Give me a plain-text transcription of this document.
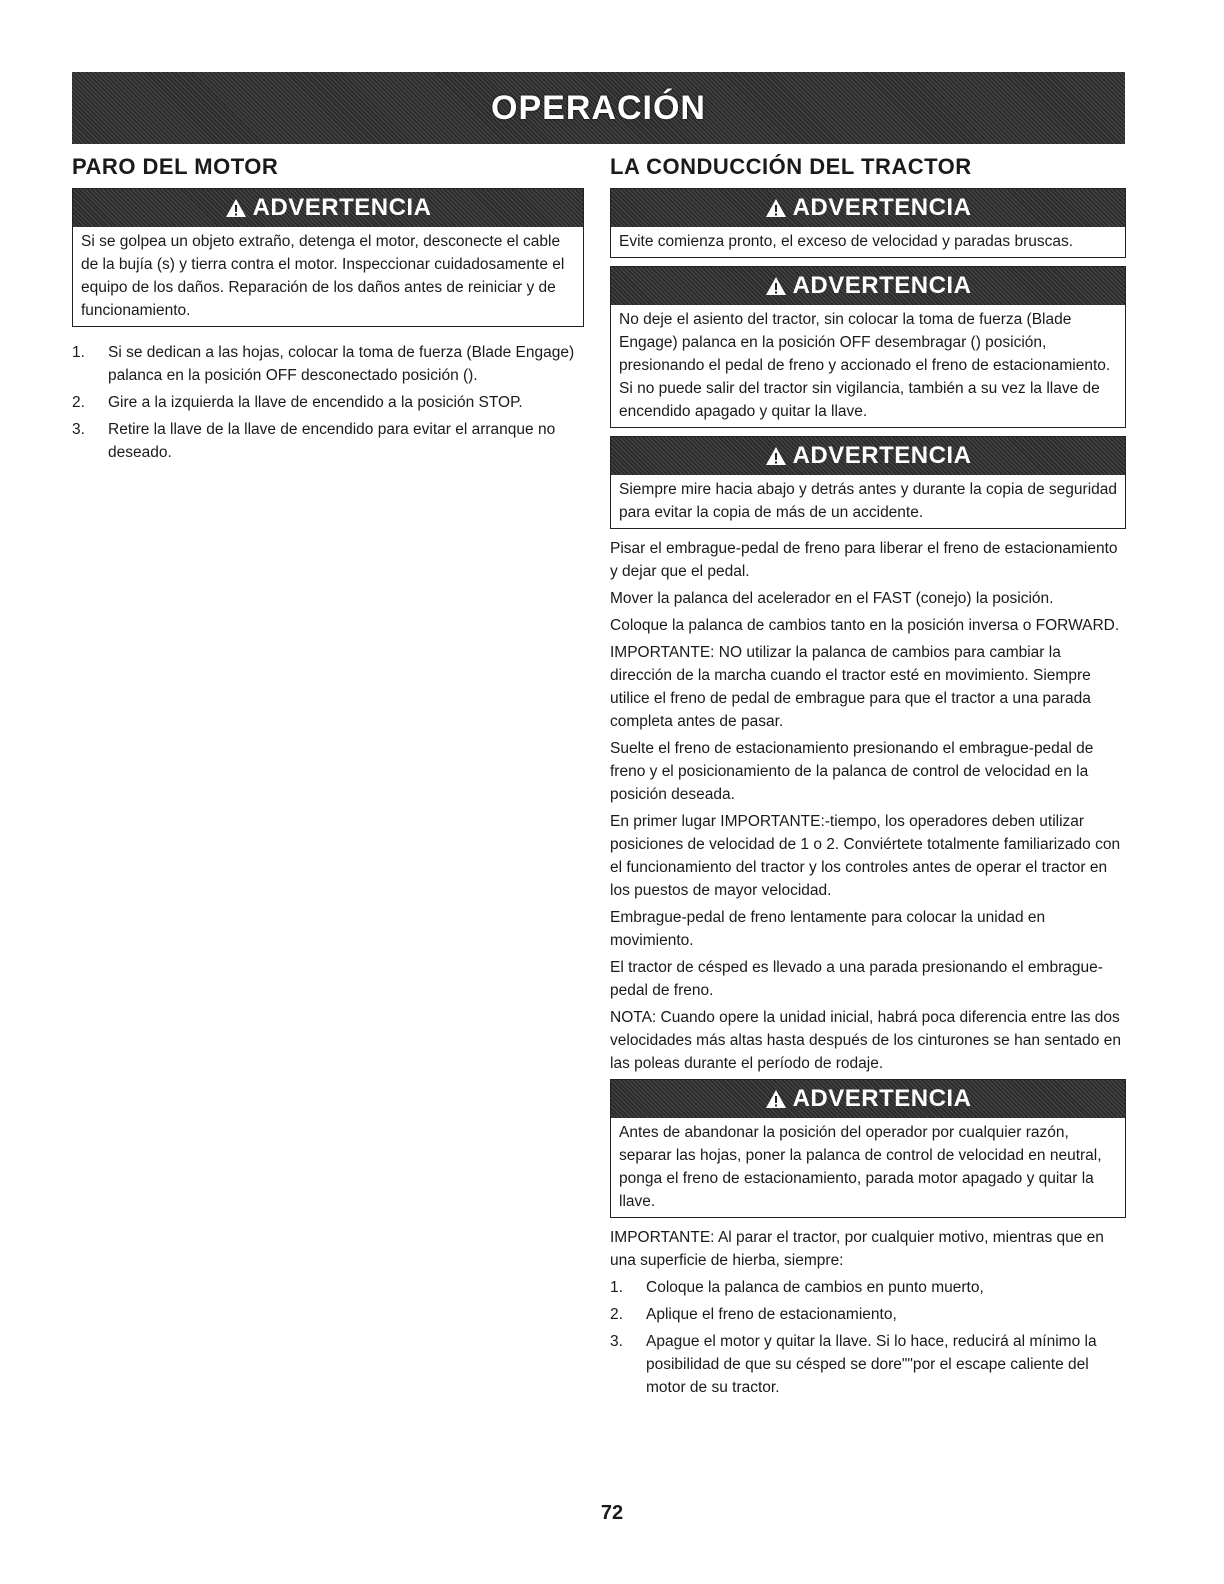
OPERACIÓN
PARO DEL MOTOR
ADVERTENCIA
Si se golpea un objeto extraño, detenga el motor, desconecte el cable de la bujía (s) y tierra contra el motor. Inspeccionar cuidadosamente el equipo de los daños. Reparación de los daños antes de reiniciar y de funcionamiento.
1.	Si se dedican a las hojas, colocar la toma de fuerza (Blade Engage) palanca en la posición OFF desconectado posición ().
2.	Gire a la izquierda la llave de encendido a la posición STOP.
3.	Retire la llave de la llave de encendido para evitar el arranque no deseado.
LA CONDUCCIÓN DEL TRACTOR
ADVERTENCIA
Evite comienza pronto, el exceso de velocidad y paradas bruscas.
ADVERTENCIA
No deje el asiento del tractor, sin colocar la toma de fuerza (Blade Engage) palanca en la posición OFF desembragar () posición, presionando el pedal de freno y accionado el freno de estacionamiento. Si no puede salir del tractor sin vigilancia, también a su vez la llave de encendido apagado y quitar la llave.
ADVERTENCIA
Siempre mire hacia abajo y detrás antes y durante la copia de seguridad para evitar la copia de más de un accidente.

Pisar el embrague-pedal de freno para liberar el freno de estacionamiento y dejar que el pedal.

Mover la palanca del acelerador en el FAST (conejo) la posición.

Coloque la palanca de cambios tanto en la posición inversa o FORWARD.

IMPORTANTE: NO utilizar la palanca de cambios para cambiar la dirección de la marcha cuando el tractor esté en movimiento. Siempre utilice el freno de pedal de embrague para que el tractor a una parada completa antes de pasar.

Suelte el freno de estacionamiento presionando el embrague-pedal de freno y el posicionamiento de la palanca de control de velocidad en la posición deseada.

En primer lugar IMPORTANTE:-tiempo, los operadores deben utilizar posiciones de velocidad de 1 o 2. Conviértete totalmente familiarizado con el funcionamiento del tractor y los controles antes de operar el tractor en los puestos de mayor velocidad.

Embrague-pedal de freno lentamente para colocar la unidad en movimiento.

El tractor de césped es llevado a una parada presionando el embrague-pedal de freno.

NOTA: Cuando opere la unidad inicial, habrá poca diferencia entre las dos velocidades más altas hasta después de los cinturones se han sentado en las poleas durante el período de rodaje.

ADVERTENCIA
Antes de abandonar la posición del operador por cualquier razón, separar las hojas, poner la palanca de control de velocidad en neutral, ponga el freno de estacionamiento, parada motor apagado y quitar la llave.

IMPORTANTE: Al parar el tractor, por cualquier motivo, mientras que en una superficie de hierba, siempre:

1.	Coloque la palanca de cambios en punto muerto,
2.	Aplique el freno de estacionamiento,
3.	Apague el motor y quitar la llave. Si lo hace, reducirá al mínimo la posibilidad de que su césped se dore""por el escape caliente del motor de su tractor.
72
